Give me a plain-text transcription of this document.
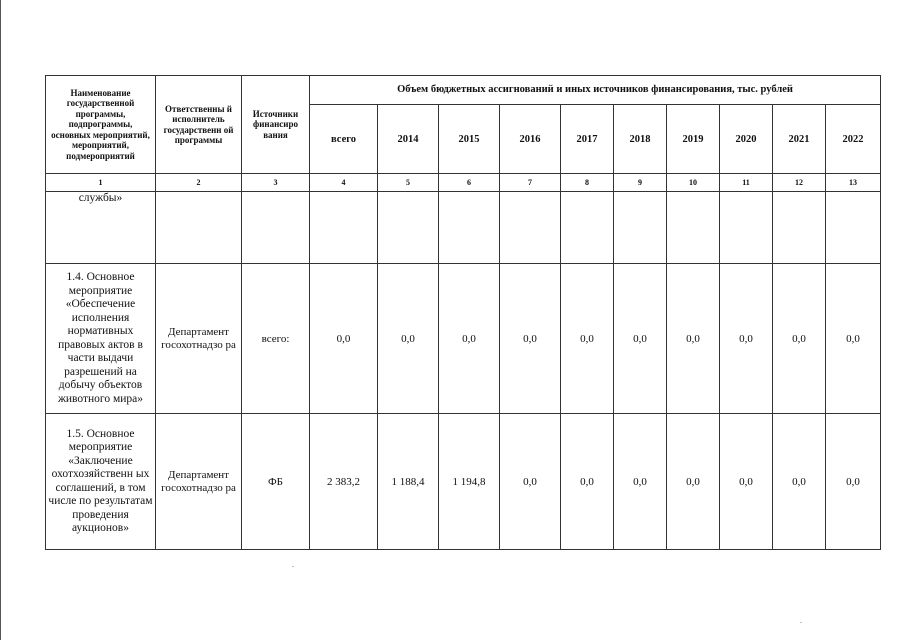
Наименование государственной программы, подпрограммы, основных мероприятий, мероприятий, подмероприятий	Ответственны й исполнитель государственн ой программы	Источники финансиро вания	Объем бюджетных ассигнований и иных источников финансирования, тыс. рублей									
			всего	2014	2015	2016	2017	2018	2019	2020	2021	2022
1	2	3	4	5	6	7	8	9	10	11	12	13
службы»												
1.4. Основное мероприятие «Обеспечение исполнения нормативных правовых актов в части выдачи разрешений на добычу объектов животного мира»	Департамент госохотнадзо ра	всего:	0,0	0,0	0,0	0,0	0,0	0,0	0,0	0,0	0,0	0,0
1.5. Основное мероприятие «Заключение охотхозяйственн ых соглашений, в том числе по результатам проведения аукционов»	Департамент госохотнадзо ра	ФБ	2 383,2	1 188,4	1 194,8	0,0	0,0	0,0	0,0	0,0	0,0	0,0
